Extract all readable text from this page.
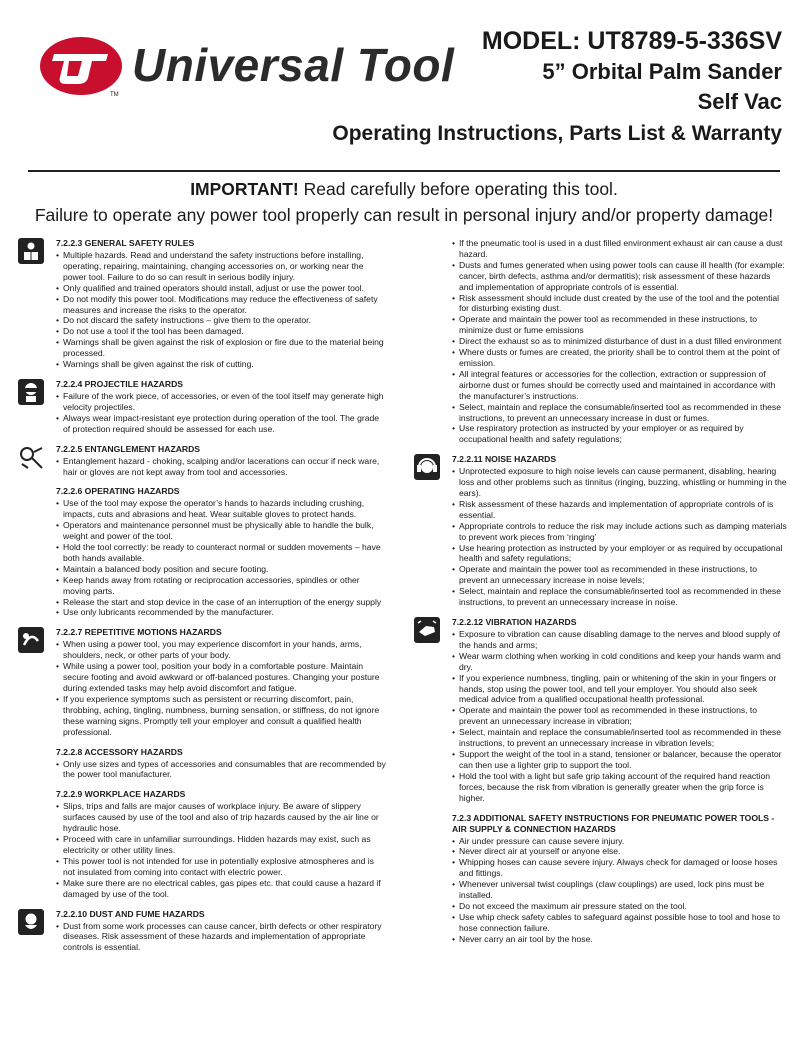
Universal Tool
TM
MODEL: UT8789-5-336SV
5” Orbital Palm Sander
Self Vac
Operating Instructions, Parts List & Warranty
IMPORTANT! Read carefully before operating this tool.
Failure to operate any power tool properly can result in personal injury and/or property damage!
7.2.2.3 GENERAL SAFETY RULES
• Multiple hazards. Read and understand the safety instructions before installing, operating, repairing, maintaining, changing accessories on, or working near the power tool. Failure to do so can result in serious bodily injury.
• Only qualified and trained operators should install, adjust or use the power tool.
• Do not modify this power tool. Modifications may reduce the effectiveness of safety measures and increase the risks to the operator.
• Do not discard the safety instructions – give them to the operator.
• Do not use a tool if the tool has been damaged.
• Warnings shall be given against the risk of explosion or fire due to the material being processed.
• Warnings shall be given against the risk of cutting.
7.2.2.4 PROJECTILE HAZARDS
• Failure of the work piece, of accessories, or even of the tool itself may generate high velocity projectiles.
• Always wear impact-resistant eye protection during operation of the tool. The grade of protection required should be assessed for each use.
7.2.2.5 ENTANGLEMENT HAZARDS
• Entanglement hazard - choking, scalping and/or lacerations can occur if neck ware, hair or gloves are not kept away from tool and accessories.
7.2.2.6 OPERATING HAZARDS
• Use of the tool may expose the operator’s hands to hazards including crushing, impacts, cuts and abrasions and heat. Wear suitable gloves to protect hands.
• Operators and maintenance personnel must be physically able to handle the bulk, weight and power of the tool.
• Hold the tool correctly: be ready to counteract normal or sudden movements – have both hands available.
• Maintain a balanced body position and secure footing.
• Keep hands away from rotating or reciprocation accessories, spindles or other moving parts.
• Release the start and stop device in the case of an interruption of the energy supply
• Use only lubricants recommended by the manufacturer.
7.2.2.7 REPETITIVE MOTIONS HAZARDS
• When using a power tool, you may experience discomfort in your hands, arms, shoulders, neck, or other parts of your body.
• While using a power tool, position your body in a comfortable posture. Maintain secure footing and avoid awkward or off-balanced postures. Changing your posture during extended tasks may help avoid discomfort and fatigue.
• If you experience symptoms such as persistent or recurring discomfort, pain, throbbing, aching, tingling, numbness, burning sensation, or stiffness, do not ignore these warning signs. Promptly tell your employer and consult a qualified health professional.
7.2.2.8 ACCESSORY HAZARDS
• Only use sizes and types of accessories and consumables that are recommended by the power tool manufacturer.
7.2.2.9 WORKPLACE HAZARDS
• Slips, trips and falls are major causes of workplace injury. Be aware of slippery surfaces caused by use of the tool and also of trip hazards caused by the air line or hydraulic hose.
• Proceed with care in unfamiliar surroundings. Hidden hazards may exist, such as electricity or other utility lines.
• This power tool is not intended for use in potentially explosive atmospheres and is not insulated from coming into contact with electric power.
• Make sure there are no electrical cables, gas pipes etc. that could cause a hazard if damaged by use of the tool.
7.2.2.10 DUST AND FUME HAZARDS
• Dust from some work processes can cause cancer, birth defects or other respiratory diseases. Risk assessment of these hazards and implementation of appropriate controls is essential.
• If the pneumatic tool is used in a dust filled environment exhaust air can cause a dust hazard.
• Dusts and fumes generated when using power tools can cause ill health (for example: cancer, birth defects, asthma and/or dermatitis); risk assessment of these hazards and implementation of appropriate controls of is essential.
• Risk assessment should include dust created by the use of the tool and the potential for disturbing existing dust.
• Operate and maintain the power tool as recommended in these instructions, to minimize dust or fume emissions
• Direct the exhaust so as to minimized disturbance of dust in a dust filled environment
• Where dusts or fumes are created, the priority shall be to control them at the point of emission.
• All integral features or accessories for the collection, extraction or suppression of airborne dust or fumes should be correctly used and maintained in accordance with the manufacturer’s instructions.
• Select, maintain and replace the consumable/inserted tool as recommended in these instructions, to prevent an unnecessary increase in dust or fumes.
• Use respiratory protection as instructed by your employer or as required by occupational health and safety regulations;
7.2.2.11 NOISE HAZARDS
• Unprotected exposure to high noise levels can cause permanent, disabling, hearing loss and other problems such as tinnitus (ringing, buzzing, whistling or humming in the ears).
• Risk assessment of these hazards and implementation of appropriate controls of is essential.
• Appropriate controls to reduce the risk may include actions such as damping materials to prevent work pieces from ‘ringing’
• Use hearing protection as instructed by your employer or as required by occupational health and safety regulations;
• Operate and maintain the power tool as recommended in these instructions, to prevent an unnecessary increase in noise levels;
• Select, maintain and replace the consumable/inserted tool as recommended in these instructions, to prevent an unnecessary increase in noise.
7.2.2.12 VIBRATION HAZARDS
• Exposure to vibration can cause disabling damage to the nerves and blood supply of the hands and arms;
• Wear warm clothing when working in cold conditions and keep your hands warm and dry.
• If you experience numbness, tingling, pain or whitening of the skin in your fingers or hands, stop using the power tool, and tell your employer. You should also seek medical advice from a qualified occupational health professional.
• Operate and maintain the power tool as recommended in these instructions, to prevent an unnecessary increase in vibration;
• Select, maintain and replace the consumable/inserted tool as recommended in these instructions, to prevent an unnecessary increase in vibration levels;
• Support the weight of the tool in a stand, tensioner or balancer, because the operator can then use a lighter grip to support the tool.
• Hold the tool with a light but safe grip taking account of the required hand reaction forces, because the risk from vibration is generally greater when the grip force is higher.
7.2.3 ADDITIONAL SAFETY INSTRUCTIONS FOR PNEUMATIC POWER TOOLS - AIR SUPPLY & CONNECTION HAZARDS
• Air under pressure can cause severe injury.
• Never direct air at yourself or anyone else.
• Whipping hoses can cause severe injury. Always check for damaged or loose hoses and fittings.
• Whenever universal twist couplings (claw couplings) are used, lock pins must be installed.
• Do not exceed the maximum air pressure stated on the tool.
• Use whip check safety cables to safeguard against possible hose to tool and hose to hose connection failure.
• Never carry an air tool by the hose.
